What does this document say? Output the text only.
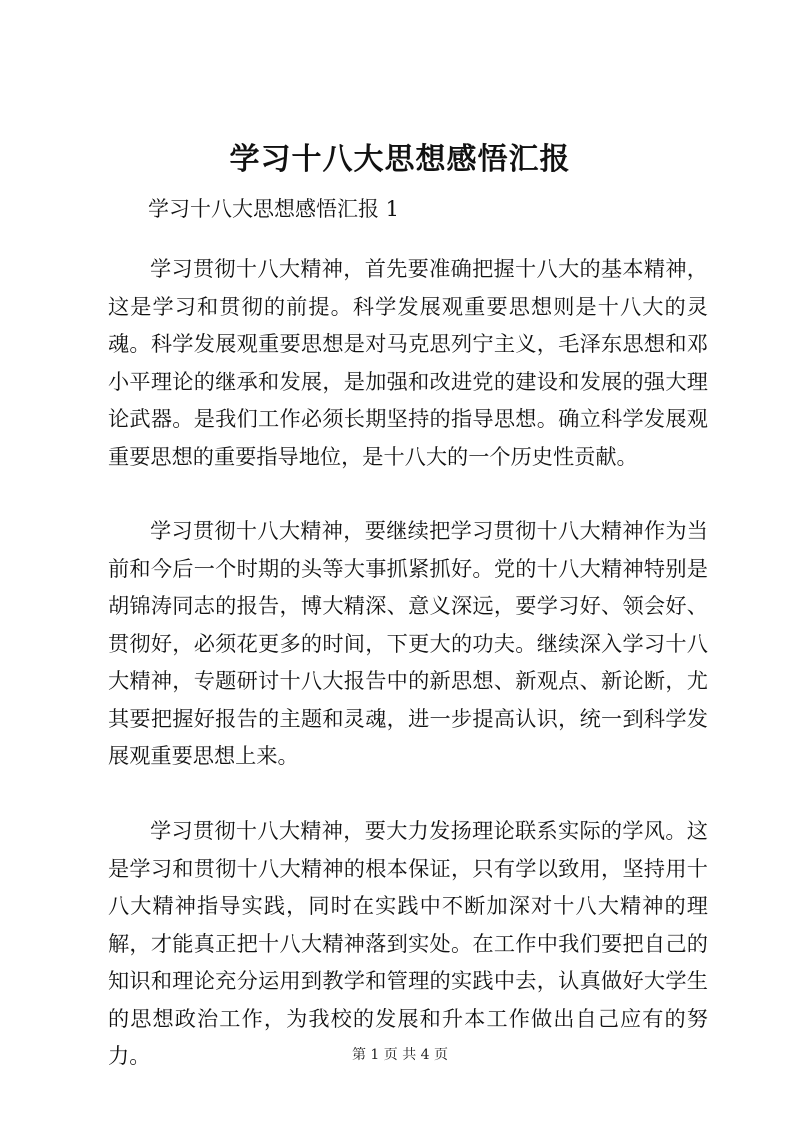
学习十八大思想感悟汇报
学习十八大思想感悟汇报 1

学习贯彻十八大精神，首先要准确把握十八大的基本精神，这是学习和贯彻的前提。科学发展观重要思想则是十八大的灵魂。科学发展观重要思想是对马克思列宁主义，毛泽东思想和邓小平理论的继承和发展，是加强和改进党的建设和发展的强大理论武器。是我们工作必须长期坚持的指导思想。确立科学发展观重要思想的重要指导地位，是十八大的一个历史性贡献。

学习贯彻十八大精神，要继续把学习贯彻十八大精神作为当前和今后一个时期的头等大事抓紧抓好。党的十八大精神特别是胡锦涛同志的报告，博大精深、意义深远，要学习好、领会好、贯彻好，必须花更多的时间，下更大的功夫。继续深入学习十八大精神，专题研讨十八大报告中的新思想、新观点、新论断，尤其要把握好报告的主题和灵魂，进一步提高认识，统一到科学发展观重要思想上来。

学习贯彻十八大精神，要大力发扬理论联系实际的学风。这是学习和贯彻十八大精神的根本保证，只有学以致用，坚持用十八大精神指导实践，同时在实践中不断加深对十八大精神的理解，才能真正把十八大精神落到实处。在工作中我们要把自己的知识和理论充分运用到教学和管理的实践中去，认真做好大学生的思想政治工作，为我校的发展和升本工作做出自己应有的努力。	第 1 页 共 4 页
